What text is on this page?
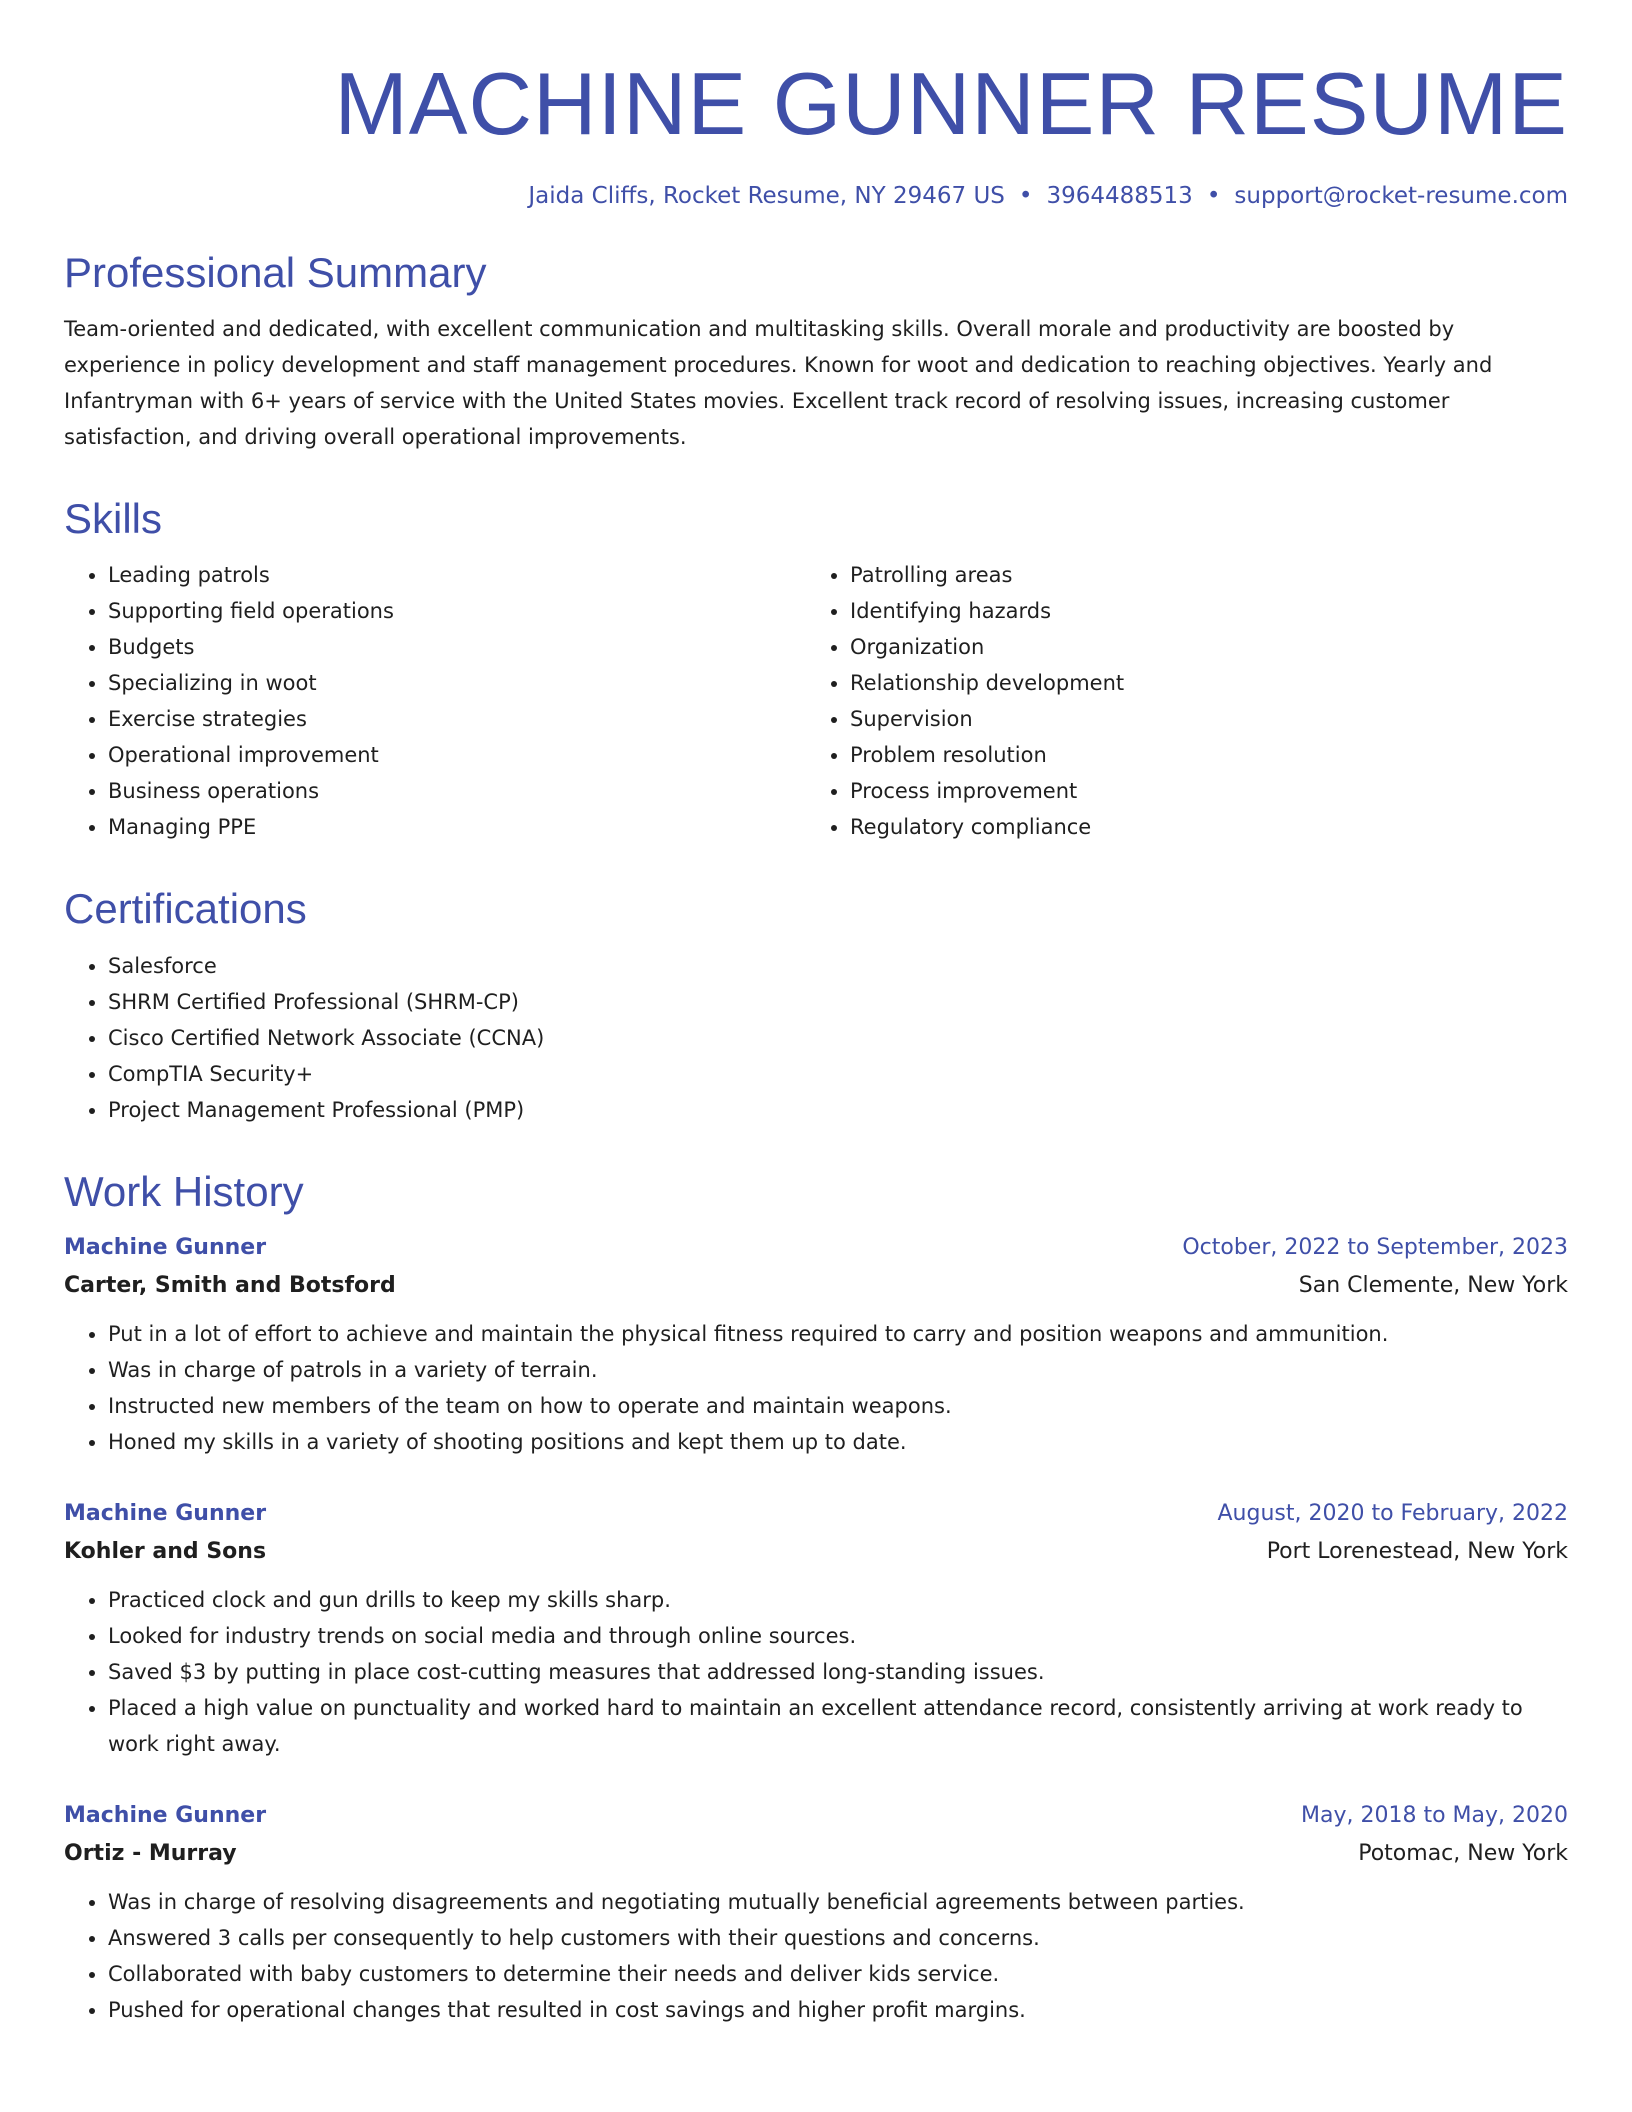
MACHINE GUNNER RESUME
Jaida Cliffs, Rocket Resume, NY 29467 US • 3964488513 • support@rocket-resume.com
Professional Summary

Team-oriented and dedicated, with excellent communication and multitasking skills. Overall morale and productivity are boosted by experience in policy development and staff management procedures. Known for woot and dedication to reaching objectives. Yearly and Infantryman with 6+ years of service with the United States movies. Excellent track record of resolving issues, increasing customer satisfaction, and driving overall operational improvements.

Skills
• Leading patrols
• Supporting field operations
• Budgets
• Specializing in woot
• Exercise strategies
• Operational improvement
• Business operations
• Managing PPE
• Patrolling areas
• Identifying hazards
• Organization
• Relationship development
• Supervision
• Problem resolution
• Process improvement
• Regulatory compliance
Certifications
• Salesforce
• SHRM Certified Professional (SHRM-CP)
• Cisco Certified Network Associate (CCNA)
• CompTIA Security+
• Project Management Professional (PMP)
Work History
Machine Gunner	October, 2022 to September, 2023
Carter, Smith and Botsford	San Clemente, New York
• Put in a lot of effort to achieve and maintain the physical fitness required to carry and position weapons and ammunition.
• Was in charge of patrols in a variety of terrain.
• Instructed new members of the team on how to operate and maintain weapons.
• Honed my skills in a variety of shooting positions and kept them up to date.
Machine Gunner	August, 2020 to February, 2022
Kohler and Sons	Port Lorenestead, New York
• Practiced clock and gun drills to keep my skills sharp.
• Looked for industry trends on social media and through online sources.
• Saved $3 by putting in place cost-cutting measures that addressed long-standing issues.
• Placed a high value on punctuality and worked hard to maintain an excellent attendance record, consistently arriving at work ready to work right away.
Machine Gunner	May, 2018 to May, 2020
Ortiz - Murray	Potomac, New York
• Was in charge of resolving disagreements and negotiating mutually beneficial agreements between parties.
• Answered 3 calls per consequently to help customers with their questions and concerns.
• Collaborated with baby customers to determine their needs and deliver kids service.
• Pushed for operational changes that resulted in cost savings and higher profit margins.
